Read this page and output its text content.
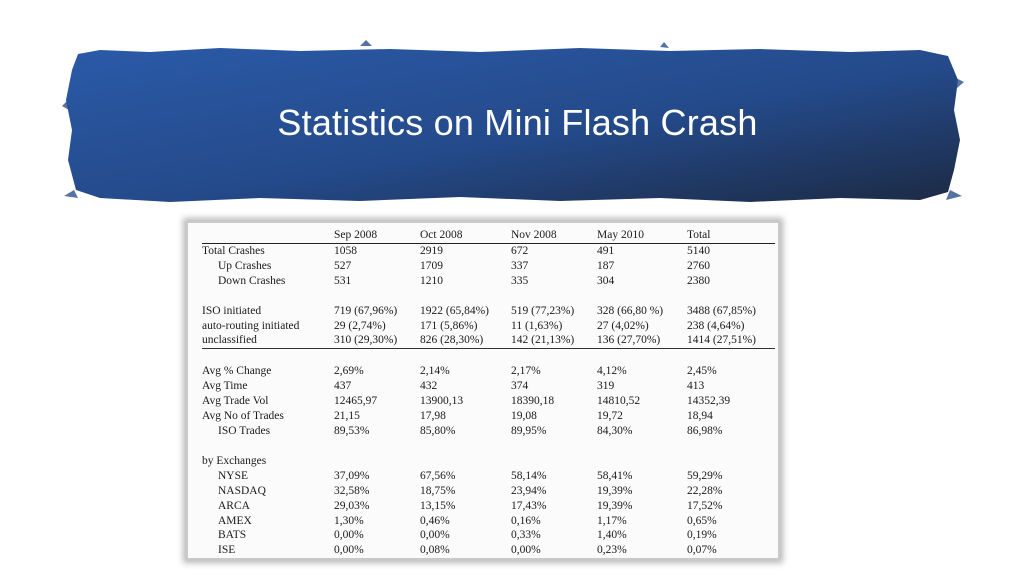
Statistics on Mini Flash Crash
	Sep 2008	Oct 2008	Nov 2008	May 2010	Total
Total Crashes	1058	2919	672	491	5140
Up Crashes	527	1709	337	187	2760
Down Crashes	531	1210	335	304	2380

ISO initiated	719 (67,96%)	1922 (65,84%)	519 (77,23%)	328 (66,80 %)	3488 (67,85%)
auto-routing initiated	29 (2,74%)	171 (5,86%)	11 (1,63%)	27 (4,02%)	238 (4,64%)
unclassified	310 (29,30%)	826 (28,30%)	142 (21,13%)	136 (27,70%)	1414 (27,51%)

Avg % Change	2,69%	2,14%	2,17%	4,12%	2,45%
Avg Time	437	432	374	319	413
Avg Trade Vol	12465,97	13900,13	18390,18	14810,52	14352,39
Avg No of Trades	21,15	17,98	19,08	19,72	18,94
ISO Trades	89,53%	85,80%	89,95%	84,30%	86,98%

by Exchanges					
NYSE	37,09%	67,56%	58,14%	58,41%	59,29%
NASDAQ	32,58%	18,75%	23,94%	19,39%	22,28%
ARCA	29,03%	13,15%	17,43%	19,39%	17,52%
AMEX	1,30%	0,46%	0,16%	1,17%	0,65%
BATS	0,00%	0,00%	0,33%	1,40%	0,19%
ISE	0,00%	0,08%	0,00%	0,23%	0,07%
